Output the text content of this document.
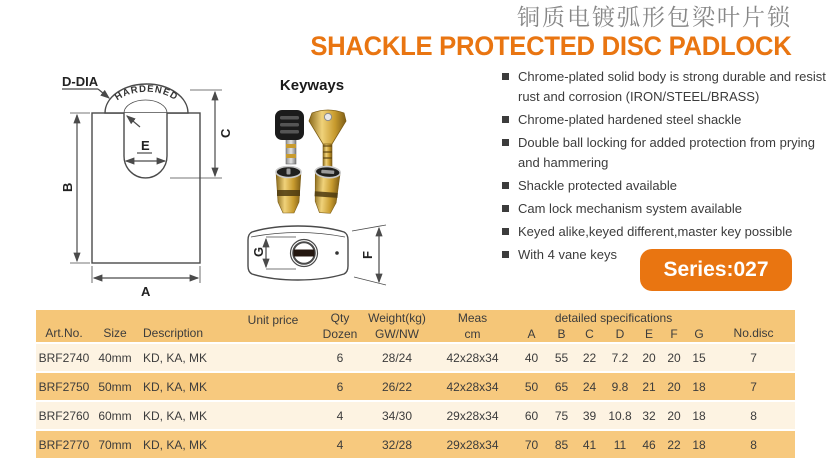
铜质电镀弧形包梁叶片锁
SHACKLE PROTECTED DISC PADLOCK
HARDENED
D-DIA
B
A
C
E
Keyways
G	F
Chrome-plated solid body is strong durable and resist rust and corrosion (IRON/STEEL/BRASS)
Chrome-plated hardened steel shackle
Double ball locking for added protection from prying and hammering
Shackle protected available
Cam lock mechanism system available
Keyed alike,keyed different,master key possible
With 4 vane keys
Series:027
Art.No.	Size	Description	Unit price	Qty	Weight(kg)	Meas	detailed specifications							No.disc
				Dozen	GW/NW	cm	A	B	C	D	E	F	G	
BRF2740	40mm	KD, KA, MK		6	28/24	42x28x34	40	55	22	7.2	20	20	15	7
BRF2750	50mm	KD, KA, MK		6	26/22	42x28x34	50	65	24	9.8	21	20	18	7
BRF2760	60mm	KD, KA, MK		4	34/30	29x28x34	60	75	39	10.8	32	20	18	8
BRF2770	70mm	KD, KA, MK		4	32/28	29x28x34	70	85	41	11	46	22	18	8
